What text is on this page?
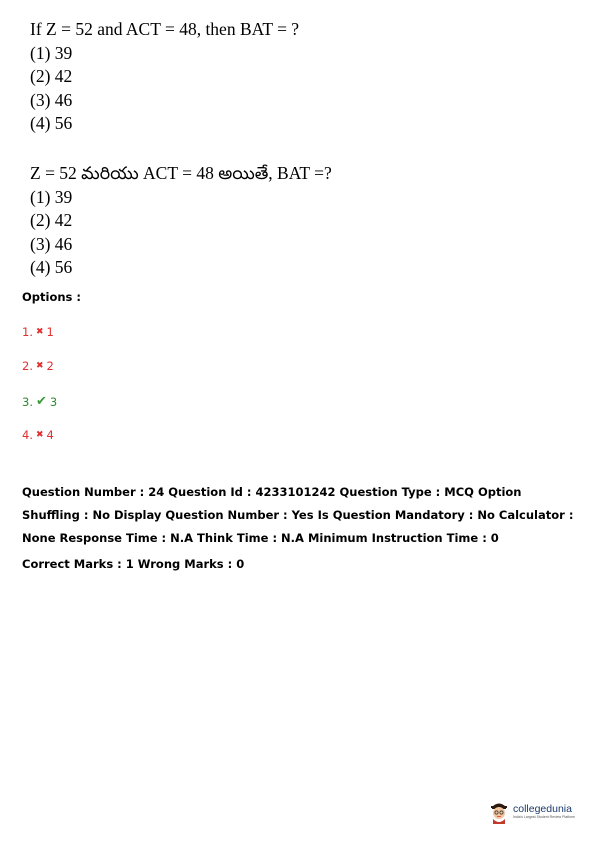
If Z = 52 and ACT = 48, then BAT = ?
(1) 39
(2) 42
(3) 46
(4) 56
Z = 52 మరియు ACT = 48 అయితే, BAT =?
(1) 39
(2) 42
(3) 46
(4) 56
Options :
1. ✖ 1
2. ✖ 2
3. ✔ 3
4. ✖ 4
Question Number : 24 Question Id : 4233101242 Question Type : MCQ Option Shuffling : No Display Question Number : Yes Is Question Mandatory : No Calculator : None Response Time : N.A Think Time : N.A Minimum Instruction Time : 0
Correct Marks : 1 Wrong Marks : 0
collegedunia
India's Largest Student Review Platform
